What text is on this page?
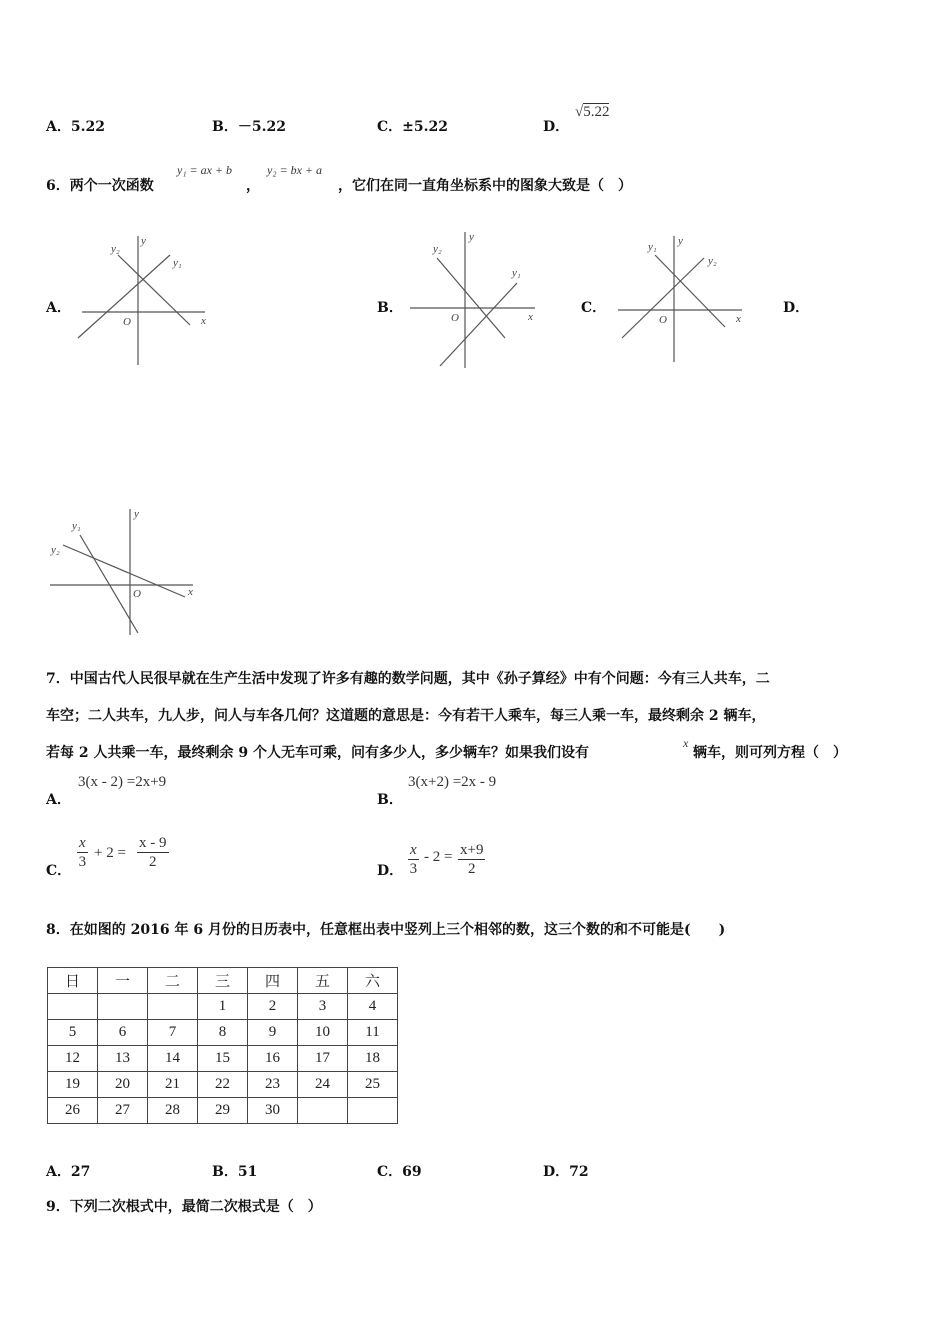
A．5.22	B．－5.22	C．±5.22	D．
√5.22
6．两个一次函数
y₁ = ax + b
，
y₂ = bx + a
，它们在同一直角坐标系中的图象大致是（　）
A．	B．	C．	D．
y
x
O
y₂
y₁
y
x
O
y₂
y₁
y
x
O
y₁
y₂
y
x
O
y₁
y₂
7．中国古代人民很早就在生产生活中发现了许多有趣的数学问题，其中《孙子算经》中有个问题：今有三人共车，二
车空；二人共车，九人步，问人与车各几何？这道题的意思是：今有若干人乘车，每三人乘一车，最终剩余 2 辆车，
若每 2 人共乘一车，最终剩余 9 个人无车可乘，问有多少人，多少辆车？如果我们设有
x
辆车，则可列方程（　）
A．
3(x - 2) =2x+9
B．
3(x+2) =2x - 9
C． $\frac{x}{3} + 2 = \frac{x - 9}{2}$	D． $\frac{x}{3} - 2 = \frac{x+9}{2}$
8．在如图的 2016 年 6 月份的日历表中，任意框出表中竖列上三个相邻的数，这三个数的和不可能是(　　)
日	一	二	三	四	五	六
			1	2	3	4
5	6	7	8	9	10	11
12	13	14	15	16	17	18
19	20	21	22	23	24	25
26	27	28	29	30		
A．27	B．51	C．69	D．72
9．下列二次根式中，最简二次根式是（　）
